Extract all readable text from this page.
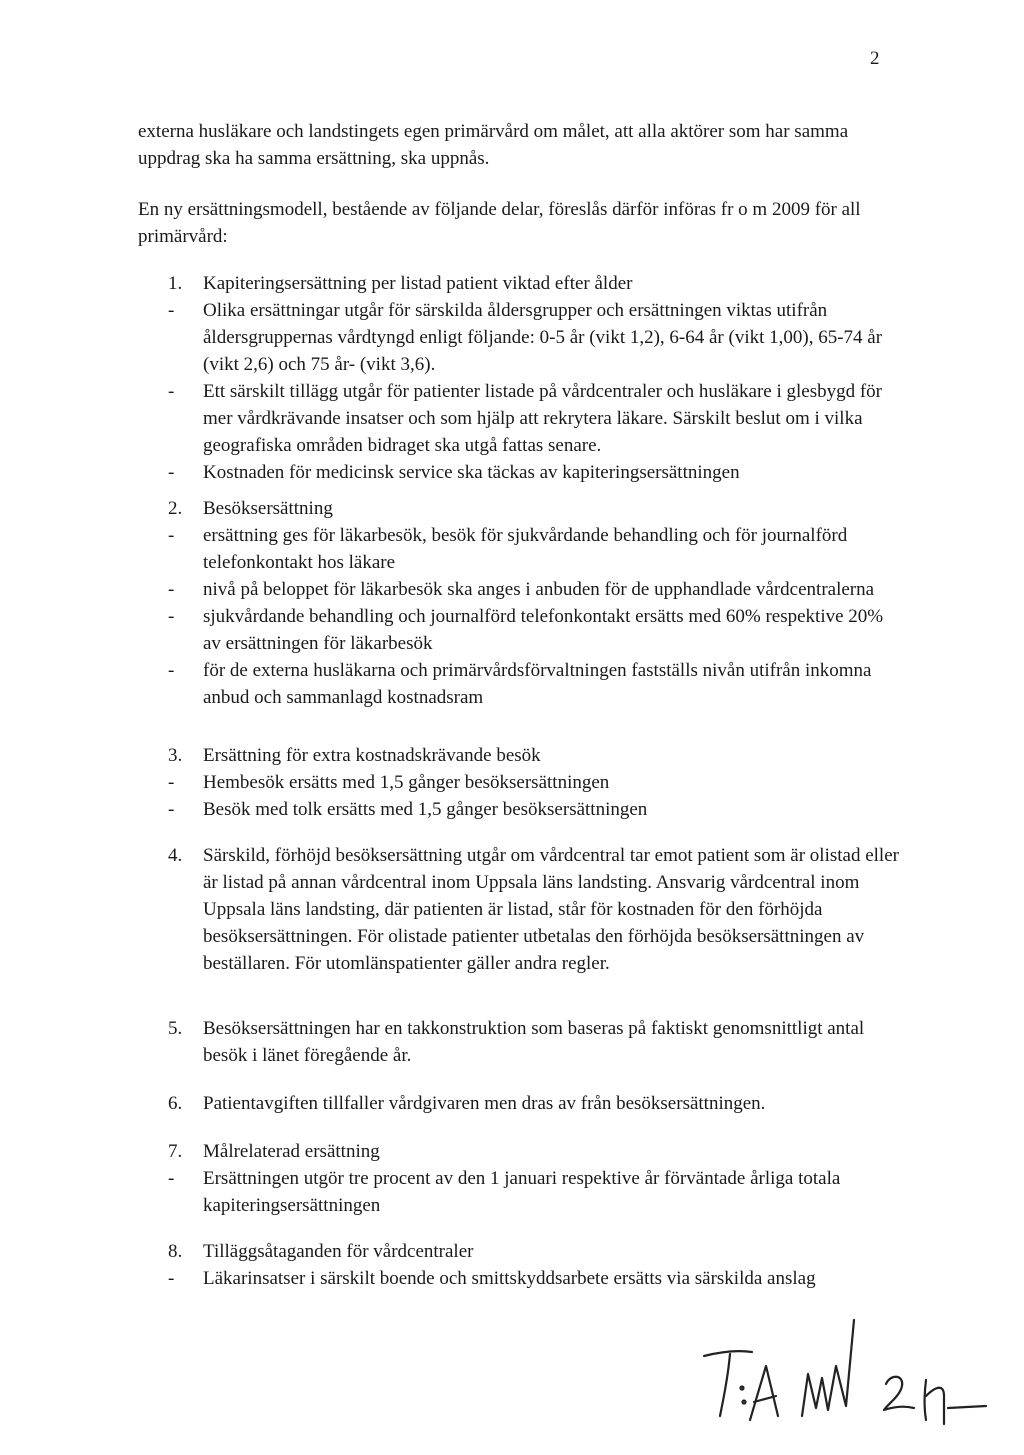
2

externa husläkare och landstingets egen primärvård om målet, att alla aktörer som har samma uppdrag ska ha samma ersättning, ska uppnås.

En ny ersättningsmodell, bestående av följande delar, föreslås därför införas fr o m 2009 för all primärvård:

1.	Kapiteringsersättning per listad patient viktad efter ålder
-	Olika ersättningar utgår för särskilda åldersgrupper och ersättningen viktas utifrån åldersgruppernas vårdtyngd enligt följande: 0-5 år (vikt 1,2), 6-64 år (vikt 1,00), 65-74 år (vikt 2,6) och 75 år- (vikt 3,6).
-	Ett särskilt tillägg utgår för patienter listade på vårdcentraler och husläkare i glesbygd för mer vårdkrävande insatser och som hjälp att rekrytera läkare. Särskilt beslut om i vilka geografiska områden bidraget ska utgå fattas senare.
-	Kostnaden för medicinsk service ska täckas av kapiteringsersättningen
2.	Besöksersättning
-	ersättning ges för läkarbesök, besök för sjukvårdande behandling och för journalförd telefonkontakt hos läkare
-	nivå på beloppet för läkarbesök ska anges i anbuden för de upphandlade vårdcentralerna
-	sjukvårdande behandling och journalförd telefonkontakt ersätts med 60% respektive 20% av ersättningen för läkarbesök
-	för de externa husläkarna och primärvårdsförvaltningen fastställs nivån utifrån inkomna anbud och sammanlagd kostnadsram
3.	Ersättning för extra kostnadskrävande besök
-	Hembesök ersätts med 1,5 gånger besöksersättningen
-	Besök med tolk ersätts med 1,5 gånger besöksersättningen
4.	Särskild, förhöjd besöksersättning utgår om vårdcentral tar emot patient som är olistad eller är listad på annan vårdcentral inom Uppsala läns landsting. Ansvarig vårdcentral inom Uppsala läns landsting, där patienten är listad, står för kostnaden för den förhöjda besöksersättningen. För olistade patienter utbetalas den förhöjda besöksersättningen av beställaren. För utomlänspatienter gäller andra regler.
5.	Besöksersättningen har en takkonstruktion som baseras på faktiskt genomsnittligt antal besök i länet föregående år.
6.	Patientavgiften tillfaller vårdgivaren men dras av från besöksersättningen.
7.	Målrelaterad ersättning
-	Ersättningen utgör tre procent av den 1 januari respektive år förväntade årliga totala kapiteringsersättningen
8.	Tilläggsåtaganden för vårdcentraler
-	Läkarinsatser i särskilt boende och smittskyddsarbete ersätts via särskilda anslag
